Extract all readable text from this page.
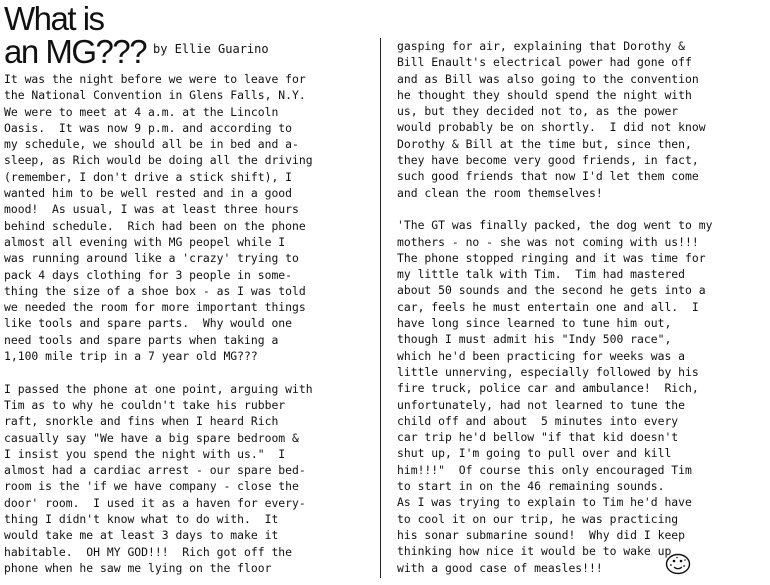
What is
an MG??? by Ellie Guarino
It was the night before we were to leave for
the National Convention in Glens Falls, N.Y.
We were to meet at 4 a.m. at the Lincoln
Oasis.  It was now 9 p.m. and according to
my schedule, we should all be in bed and a-
sleep, as Rich would be doing all the driving
(remember, I don't drive a stick shift), I
wanted him to be well rested and in a good
mood!  As usual, I was at least three hours
behind schedule.  Rich had been on the phone
almost all evening with MG peopel while I
was running around like a 'crazy' trying to
pack 4 days clothing for 3 people in some-
thing the size of a shoe box - as I was told
we needed the room for more important things
like tools and spare parts.  Why would one
need tools and spare parts when taking a
1,100 mile trip in a 7 year old MG???
I passed the phone at one point, arguing with
Tim as to why he couldn't take his rubber
raft, snorkle and fins when I heard Rich
casually say "We have a big spare bedroom &
I insist you spend the night with us."  I
almost had a cardiac arrest - our spare bed-
room is the 'if we have company - close the
door' room.  I used it as a haven for every-
thing I didn't know what to do with.  It
would take me at least 3 days to make it
habitable.  OH MY GOD!!!  Rich got off the
phone when he saw me lying on the floor
gasping for air, explaining that Dorothy &
Bill Enault's electrical power had gone off
and as Bill was also going to the convention
he thought they should spend the night with
us, but they decided not to, as the power
would probably be on shortly.  I did not know
Dorothy & Bill at the time but, since then,
they have become very good friends, in fact,
such good friends that now I'd let them come
and clean the room themselves!
'The GT was finally packed, the dog went to my
mothers - no - she was not coming with us!!!
The phone stopped ringing and it was time for
my little talk with Tim.  Tim had mastered
about 50 sounds and the second he gets into a
car, feels he must entertain one and all.  I
have long since learned to tune him out,
though I must admit his "Indy 500 race",
which he'd been practicing for weeks was a
little unnerving, especially followed by his
fire truck, police car and ambulance!  Rich,
unfortunately, had not learned to tune the
child off and about  5 minutes into every
car trip he'd bellow "if that kid doesn't
shut up, I'm going to pull over and kill
him!!!"  Of course this only encouraged Tim
to start in on the 46 remaining sounds.
As I was trying to explain to Tim he'd have
to cool it on our trip, he was practicing
his sonar submarine sound!  Why did I keep
thinking how nice it would be to wake up
with a good case of measles!!!
